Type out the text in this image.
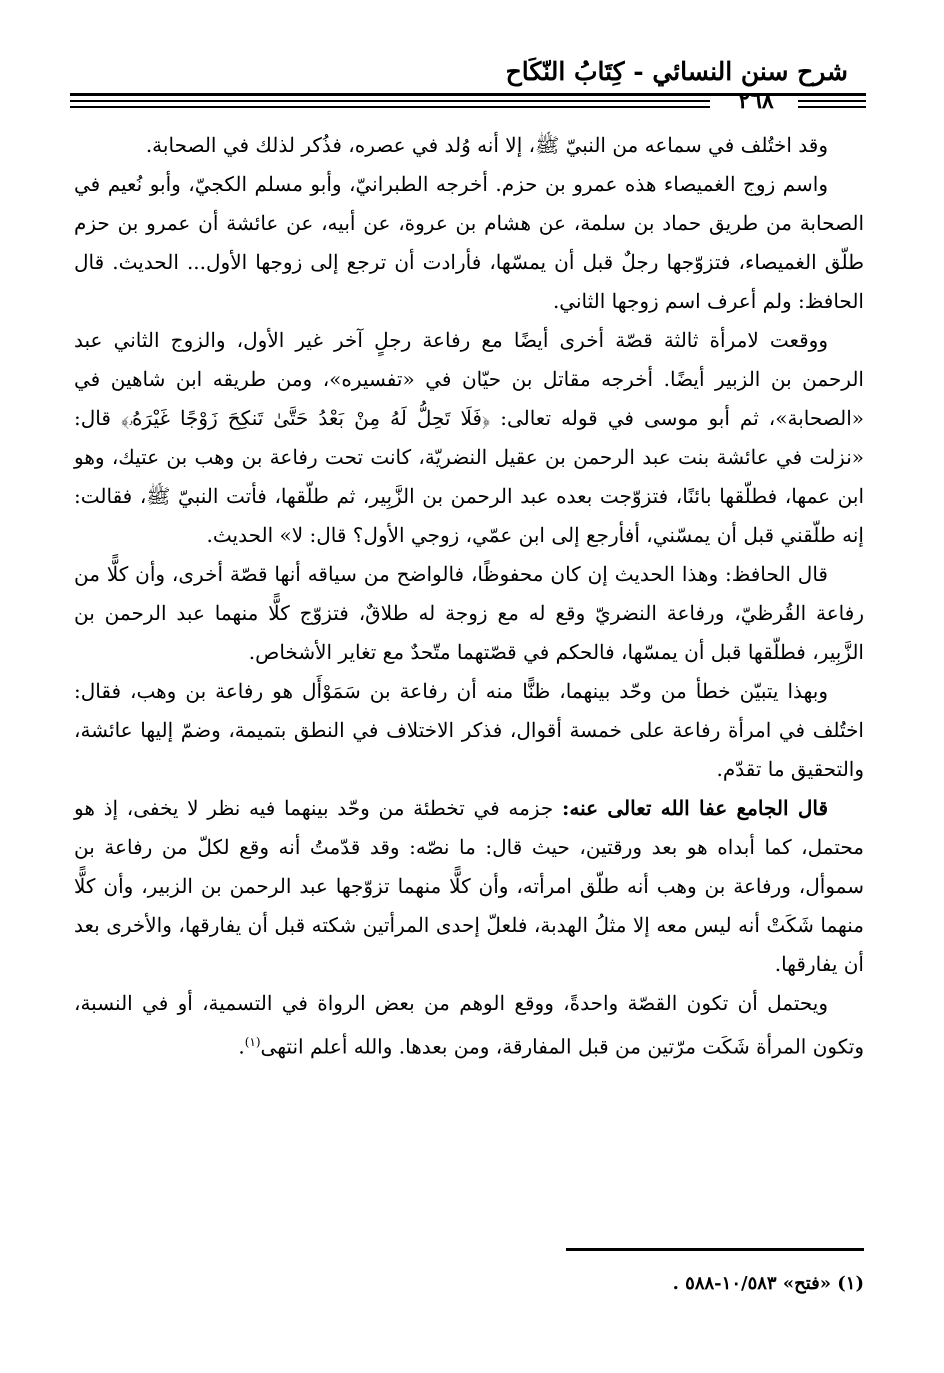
شرح سنن النسائي - كِتَابُ النّكَاح
٢٦٨

وقد اختُلف في سماعه من النبيّ ﷺ، إلا أنه وُلد في عصره، فذُكر لذلك في الصحابة.

واسم زوج الغميصاء هذه عمرو بن حزم. أخرجه الطبرانيّ، وأبو مسلم الكجيّ، وأبو نُعيم في الصحابة من طريق حماد بن سلمة، عن هشام بن عروة، عن أبيه، عن عائشة أن عمرو بن حزم طلّق الغميصاء، فتزوّجها رجلٌ قبل أن يمسّها، فأرادت أن ترجع إلى زوجها الأول... الحديث. قال الحافظ: ولم أعرف اسم زوجها الثاني.

ووقعت لامرأة ثالثة قصّة أخرى أيضًا مع رفاعة رجلٍ آخر غير الأول، والزوج الثاني عبد الرحمن بن الزبير أيضًا. أخرجه مقاتل بن حيّان في «تفسيره»، ومن طريقه ابن شاهين في «الصحابة»، ثم أبو موسى في قوله تعالى: ﴿فَلَا تَحِلُّ لَهُ مِنْ بَعْدُ حَتَّىٰ تَنكِحَ زَوْجًا غَيْرَهُۥ﴾ قال: «نزلت في عائشة بنت عبد الرحمن بن عقيل النضريّة، كانت تحت رفاعة بن وهب بن عتيك، وهو ابن عمها، فطلّقها بائنًا، فتزوّجت بعده عبد الرحمن بن الزَّبِير، ثم طلّقها، فأتت النبيّ ﷺ، فقالت: إنه طلّقني قبل أن يمسّني، أفأرجع إلى ابن عمّي، زوجي الأول؟ قال: لا» الحديث.

قال الحافظ: وهذا الحديث إن كان محفوظًا، فالواضح من سياقه أنها قصّة أخرى، وأن كلًّا من رفاعة القُرظيّ، ورفاعة النضريّ وقع له مع زوجة له طلاقٌ، فتزوّج كلًّا منهما عبد الرحمن بن الزَّبِير، فطلّقها قبل أن يمسّها، فالحكم في قصّتهما متّحدٌ مع تغاير الأشخاص.

وبهذا يتبيّن خطأ من وحّد بينهما، ظنًّا منه أن رفاعة بن سَمَوْأَل هو رفاعة بن وهب، فقال: اختُلف في امرأة رفاعة على خمسة أقوال، فذكر الاختلاف في النطق بتميمة، وضمّ إليها عائشة، والتحقيق ما تقدّم.

قال الجامع عفا الله تعالى عنه: جزمه في تخطئة من وحّد بينهما فيه نظر لا يخفى، إذ هو محتمل، كما أبداه هو بعد ورقتين، حيث قال: ما نصّه: وقد قدّمتُ أنه وقع لكلّ من رفاعة بن سموأل، ورفاعة بن وهب أنه طلّق امرأته، وأن كلًّا منهما تزوّجها عبد الرحمن بن الزبير، وأن كلًّا منهما شَكَتْ أنه ليس معه إلا مثلُ الهدبة، فلعلّ إحدى المرأتين شكته قبل أن يفارقها، والأخرى بعد أن يفارقها.

ويحتمل أن تكون القصّة واحدةً، ووقع الوهم من بعض الرواة في التسمية، أو في النسبة، وتكون المرأة شَكَت مرّتين من قبل المفارقة، ومن بعدها. والله أعلم انتهى$^{(١)}$.

(١) «فتح» ١٠/٥٨٣-٥٨٨ .
